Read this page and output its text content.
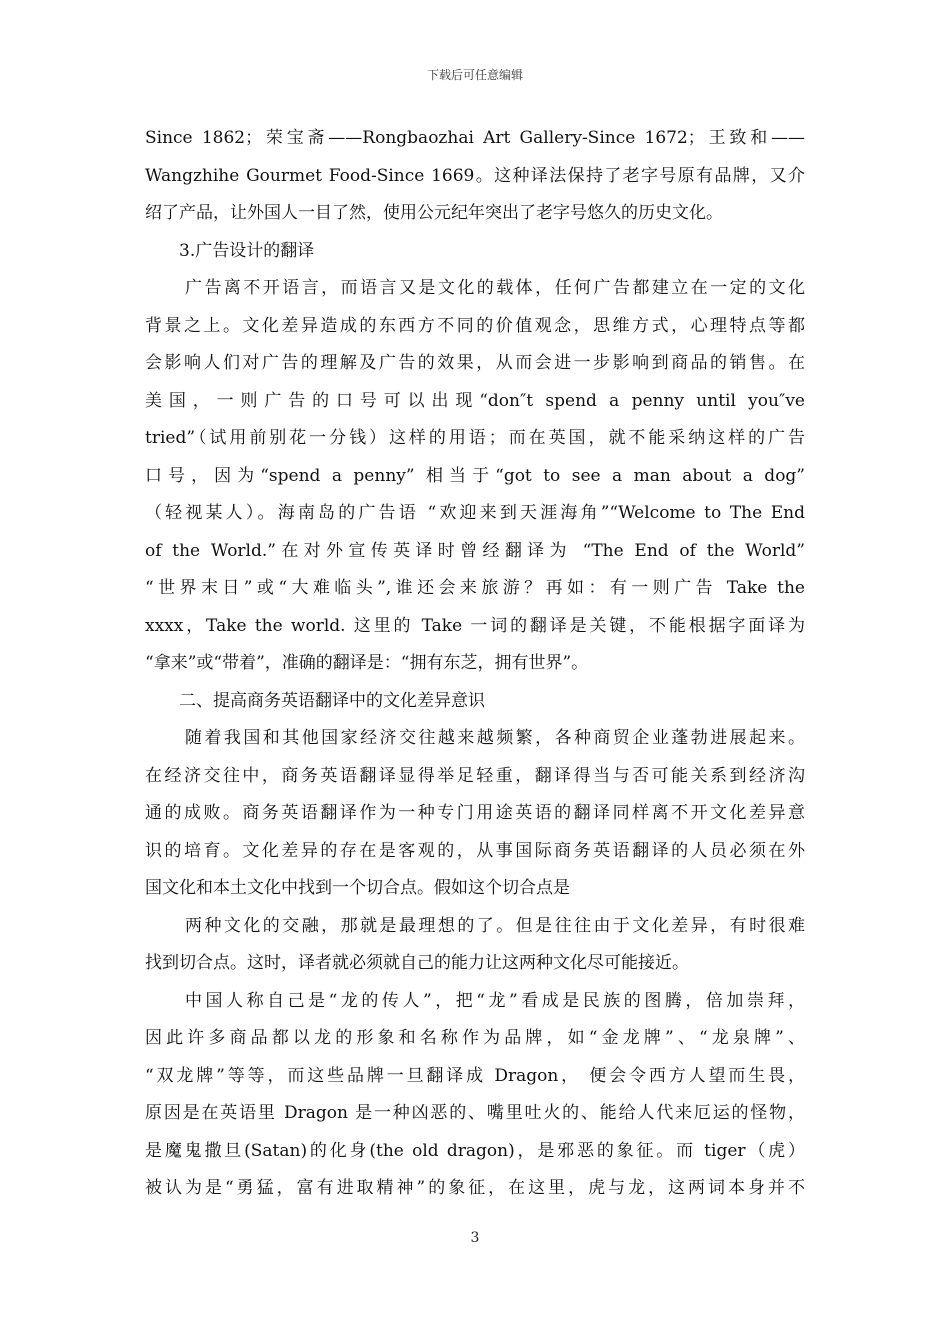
下载后可任意编辑
Since 1862；荣宝斋——Rongbaozhai Art Gallery-Since 1672；王致和——
Wangzhihe Gourmet Food-Since 1669。这种译法保持了老字号原有品牌，又介
绍了产品，让外国人一目了然，使用公元纪年突出了老字号悠久的历史文化。
3.广告设计的翻译
广告离不开语言，而语言又是文化的载体，任何广告都建立在一定的文化
背景之上。文化差异造成的东西方不同的价值观念，思维方式，心理特点等都
会影响人们对广告的理解及广告的效果，从而会进一步影响到商品的销售。在
美国，一则广告的口号可以出现“don″t spend a penny until you″ve
tried”（试用前别花一分钱）这样的用语；而在英国，就不能采纳这样的广告
口号，因为“spend a penny” 相当于“got to see a man about a dog”
（轻视某人）。海南岛的广告语 “欢迎来到天涯海角”“Welcome to The End
of the World.”在对外宣传英译时曾经翻译为 “The End of the World”
“世界末日”或“大难临头”,谁还会来旅游？再如：有一则广告 Take the
xxxx，Take the world. 这里的 Take 一词的翻译是关键，不能根据字面译为
“拿来”或“带着”，准确的翻译是：“拥有东芝，拥有世界”。
二、提高商务英语翻译中的文化差异意识
随着我国和其他国家经济交往越来越频繁，各种商贸企业蓬勃进展起来。
在经济交往中，商务英语翻译显得举足轻重，翻译得当与否可能关系到经济沟
通的成败。商务英语翻译作为一种专门用途英语的翻译同样离不开文化差异意
识的培育。文化差异的存在是客观的，从事国际商务英语翻译的人员必须在外
国文化和本土文化中找到一个切合点。假如这个切合点是
两种文化的交融，那就是最理想的了。但是往往由于文化差异，有时很难
找到切合点。这时，译者就必须就自己的能力让这两种文化尽可能接近。
中国人称自己是“龙的传人”，把“龙”看成是民族的图腾，倍加崇拜，
因此许多商品都以龙的形象和名称作为品牌，如“金龙牌”、“龙泉牌”、
“双龙牌”等等，而这些品牌一旦翻译成 Dragon， 便会令西方人望而生畏，
原因是在英语里 Dragon 是一种凶恶的、嘴里吐火的、能给人代来厄运的怪物，
是魔鬼撒旦(Satan)的化身(the old dragon)，是邪恶的象征。而 tiger（虎）
被认为是“勇猛，富有进取精神”的象征，在这里，虎与龙，这两词本身并不
3
